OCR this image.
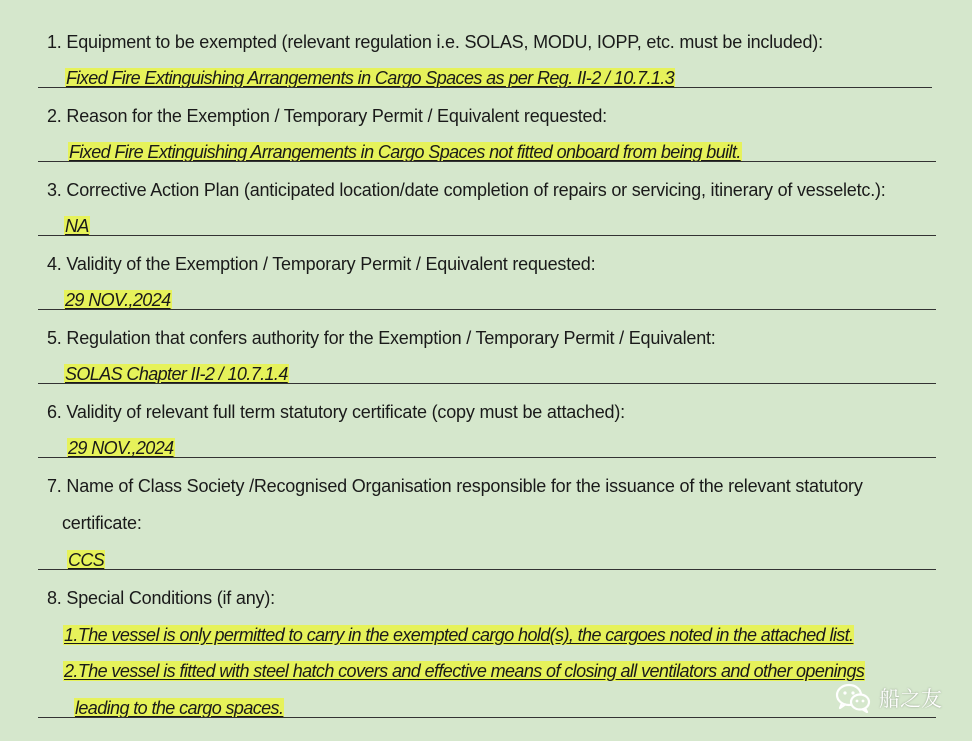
1. Equipment to be exempted (relevant regulation i.e. SOLAS, MODU, IOPP, etc. must be included):
Fixed Fire Extinguishing Arrangements in Cargo Spaces as per Reg. II-2 / 10.7.1.3
2. Reason for the Exemption / Temporary Permit / Equivalent requested:
Fixed Fire Extinguishing Arrangements in Cargo Spaces not fitted onboard from being built.
3. Corrective Action Plan (anticipated location/date completion of repairs or servicing, itinerary of vesseletc.):
NA
4. Validity of the Exemption / Temporary Permit / Equivalent requested:
29 NOV.,2024
5. Regulation that confers authority for the Exemption / Temporary Permit / Equivalent:
SOLAS Chapter II-2 / 10.7.1.4
6. Validity of relevant full term statutory certificate (copy must be attached):
29 NOV.,2024
7. Name of Class Society /Recognised Organisation responsible for the issuance of the relevant statutory
certificate:
CCS
8. Special Conditions (if any):
1.The vessel is only permitted to carry in the exempted cargo hold(s), the cargoes noted in the attached list.
2.The vessel is fitted with steel hatch covers and effective means of closing all ventilators and other openings
leading to the cargo spaces.	船之友
